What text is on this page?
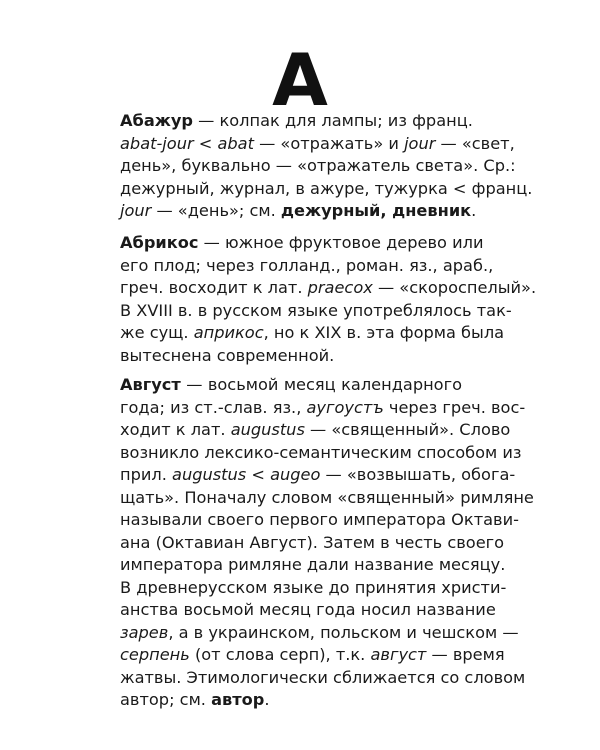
А
Абажур — колпак для лампы; из франц.
abat-jour < abat — «отражать» и jour — «свет,
день», буквально — «отражатель света». Ср.:
дежурный, журнал, в ажуре, тужурка < франц.
jour — «день»; см. дежурный, дневник.
Абрикос — южное фруктовое дерево или
его плод; через голланд., роман. яз., араб.,
греч. восходит к лат. praecox — «скороспелый».
В XVIII в. в русском языке употреблялось так-
же сущ. априкос, но к XIX в. эта форма была
вытеснена современной.
Август — восьмой месяц календарного
года; из ст.-слав. яз., аугоустъ через греч. вос-
ходит к лат. augustus — «священный». Слово
возникло лексико-семантическим способом из
прил. augustus < augeo — «возвышать, обога-
щать». Поначалу словом «священный» римляне
называли своего первого императора Октави-
ана (Октавиан Август). Затем в честь своего
императора римляне дали название месяцу.
В древнерусском языке до принятия христи-
анства восьмой месяц года носил название
зарев, а в украинском, польском и чешском —
серпень (от слова серп), т.к. август — время
жатвы. Этимологически сближается со словом
автор; см. автор.
